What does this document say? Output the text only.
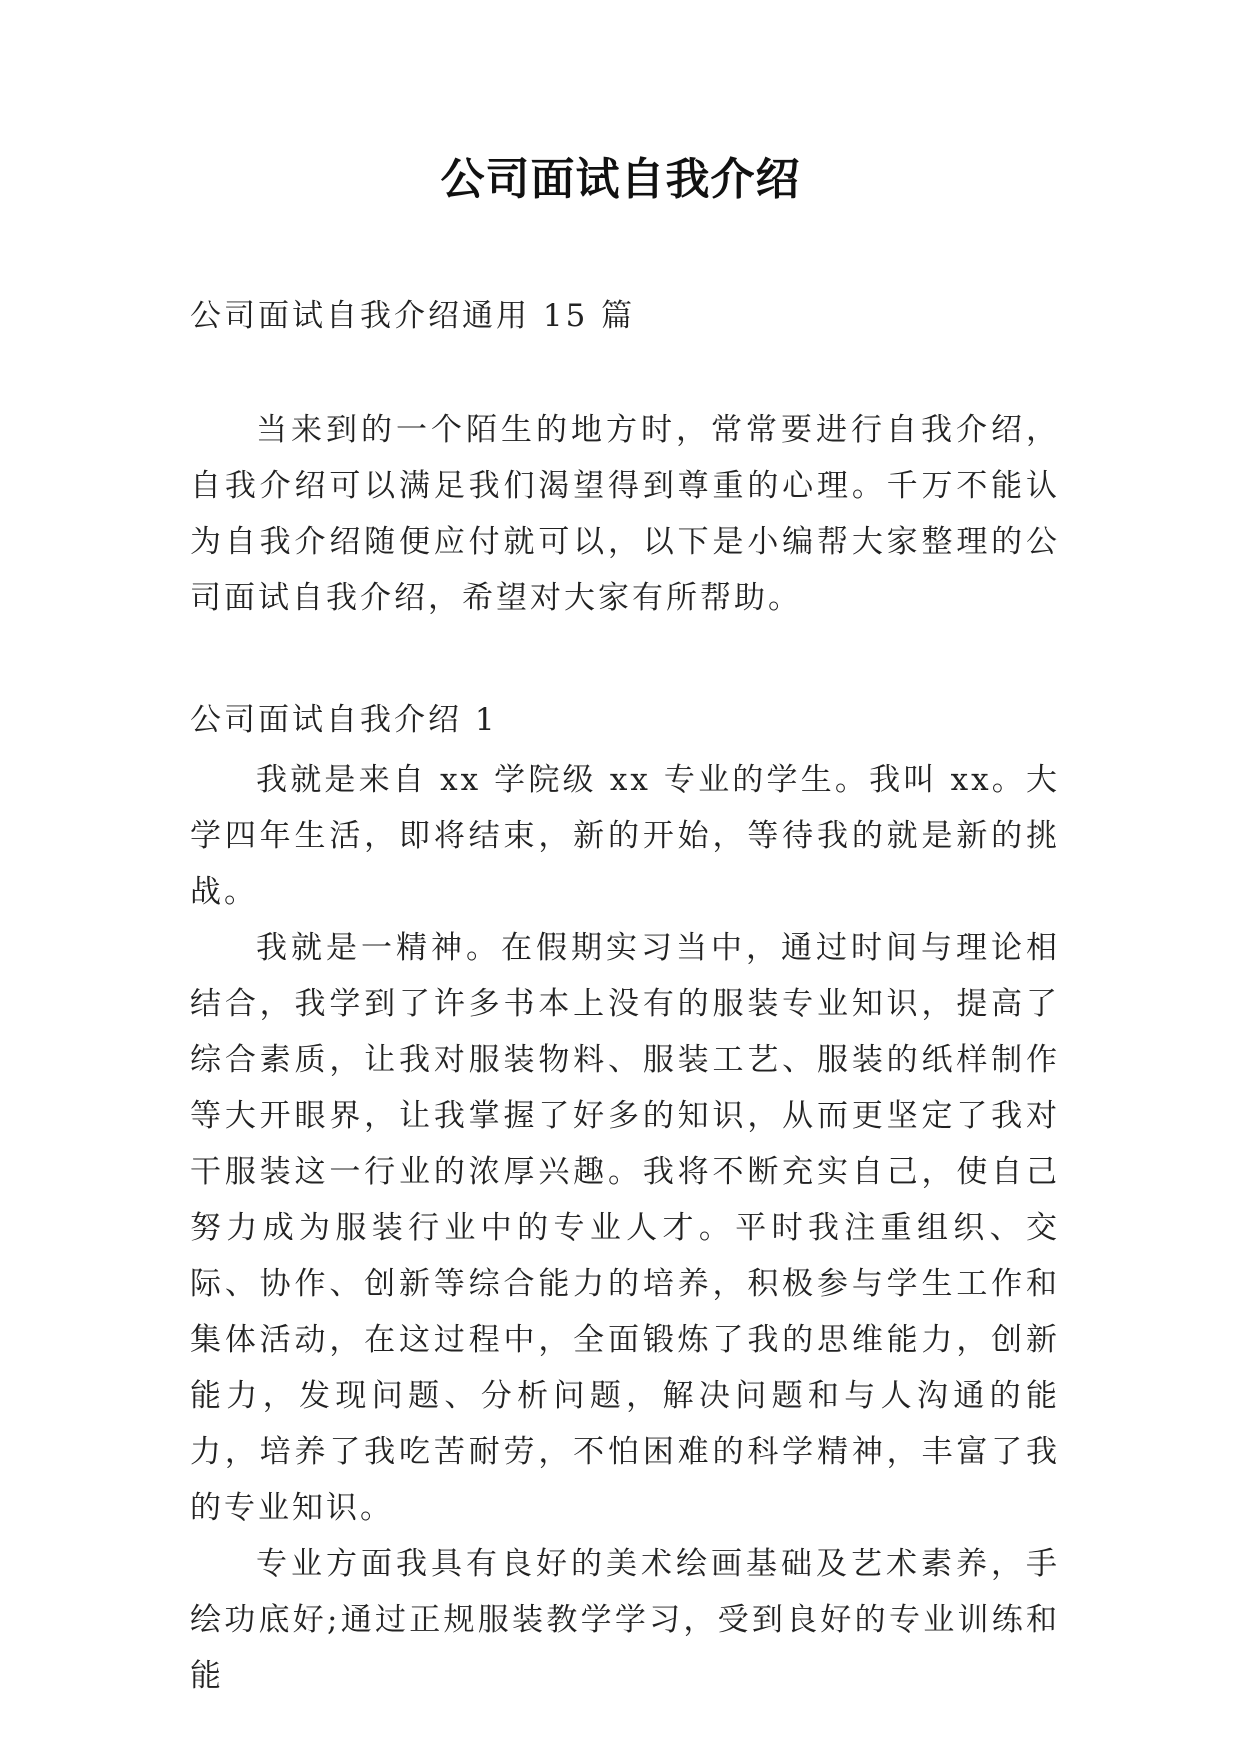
公司面试自我介绍
公司面试自我介绍通用 15 篇
当来到的一个陌生的地方时，常常要进行自我介绍，自我介绍可以满足我们渴望得到尊重的心理。千万不能认为自我介绍随便应付就可以，以下是小编帮大家整理的公司面试自我介绍，希望对大家有所帮助。
公司面试自我介绍 1

我就是来自 xx 学院级 xx 专业的学生。我叫 xx。大学四年生活，即将结束，新的开始，等待我的就是新的挑战。

我就是一精神。在假期实习当中，通过时间与理论相结合，我学到了许多书本上没有的服装专业知识，提高了综合素质，让我对服装物料、服装工艺、服装的纸样制作等大开眼界，让我掌握了好多的知识，从而更坚定了我对干服装这一行业的浓厚兴趣。我将不断充实自己，使自己努力成为服装行业中的专业人才。平时我注重组织、交际、协作、创新等综合能力的培养，积极参与学生工作和集体活动，在这过程中，全面锻炼了我的思维能力，创新能力，发现问题、分析问题，解决问题和与人沟通的能力，培养了我吃苦耐劳，不怕困难的科学精神，丰富了我的专业知识。

专业方面我具有良好的美术绘画基础及艺术素养，手绘功底好;通过正规服装教学学习，受到良好的专业训练和能
